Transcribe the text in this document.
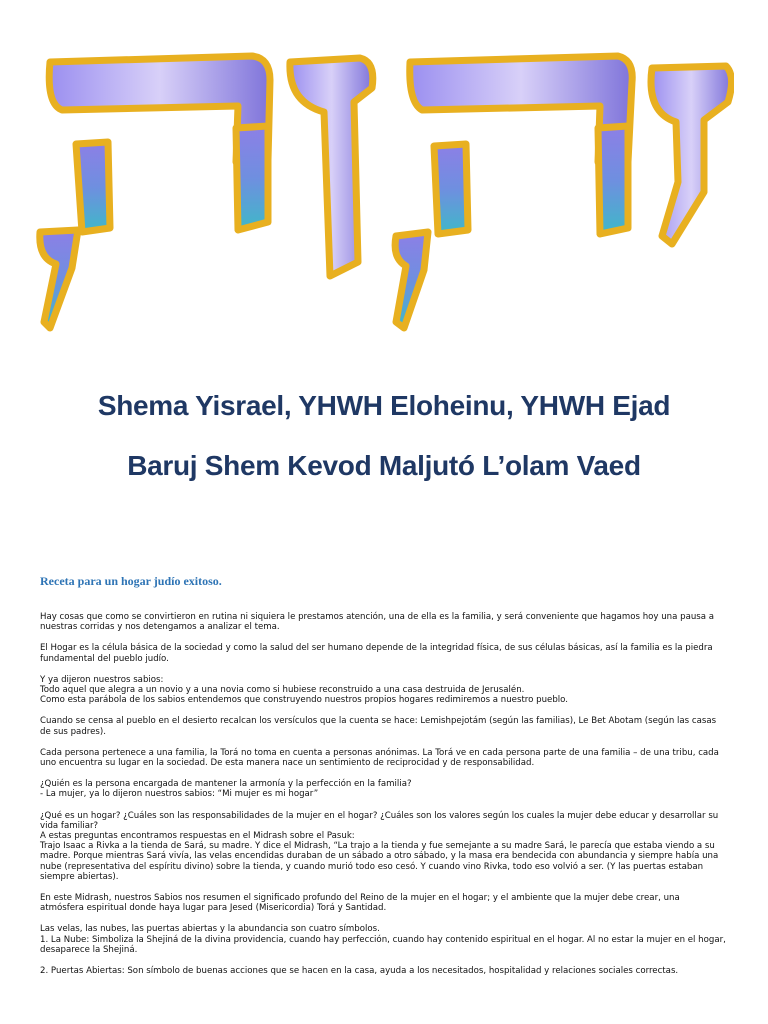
Shema Yisrael, YHWH Eloheinu, YHWH Ejad
Baruj Shem Kevod Maljutó L’olam Vaed
Receta para un hogar judío exitoso.

Hay cosas que como se convirtieron en rutina ni siquiera le prestamos atención, una de ella es la familia, y será conveniente que hagamos hoy una pausa a nuestras corridas y nos detengamos a analizar el tema.

El Hogar es la célula básica de la sociedad y como la salud del ser humano depende de la integridad física, de sus células básicas, así la familia es la piedra fundamental del pueblo judío.

Y ya dijeron nuestros sabios:
Todo aquel que alegra a un novio y a una novia como si hubiese reconstruido a una casa destruida de Jerusalén.
Como esta parábola de los sabios entendemos que construyendo nuestros propios hogares redimiremos a nuestro pueblo.

Cuando se censa al pueblo en el desierto recalcan los versículos que la cuenta se hace: Lemishpejotám (según las familias), Le Bet Abotam (según las casas de sus padres).

Cada persona pertenece a una familia, la Torá no toma en cuenta a personas anónimas. La Torá ve en cada persona parte de una familia – de una tribu, cada uno encuentra su lugar en la sociedad. De esta manera nace un sentimiento de reciprocidad y de responsabilidad.

¿Quién es la persona encargada de mantener la armonía y la perfección en la familia?
- La mujer, ya lo dijeron nuestros sabios: “Mi mujer es mi hogar”

¿Qué es un hogar? ¿Cuáles son las responsabilidades de la mujer en el hogar? ¿Cuáles son los valores según los cuales la mujer debe educar y desarrollar su vida familiar?
A estas preguntas encontramos respuestas en el Midrash sobre el Pasuk:
Trajo Isaac a Rivka a la tienda de Sará, su madre. Y dice el Midrash, “La trajo a la tienda y fue semejante a su madre Sará, le parecía que estaba viendo a su madre. Porque mientras Sará vivía, las velas encendidas duraban de un sábado a otro sábado, y la masa era bendecida con abundancia y siempre había una nube (representativa del espíritu divino) sobre la tienda, y cuando murió todo eso cesó. Y cuando vino Rivka, todo eso volvió a ser. (Y las puertas estaban siempre abiertas).

En este Midrash, nuestros Sabios nos resumen el significado profundo del Reino de la mujer en el hogar; y el ambiente que la mujer debe crear, una atmósfera espiritual donde haya lugar para Jesed (Misericordia) Torá y Santidad.

Las velas, las nubes, las puertas abiertas y la abundancia son cuatro símbolos.
1. La Nube: Simboliza la Shejiná de la divina providencia, cuando hay perfección, cuando hay contenido espiritual en el hogar. Al no estar la mujer en el hogar, desaparece la Shejiná.

2. Puertas Abiertas: Son símbolo de buenas acciones que se hacen en la casa, ayuda a los necesitados, hospitalidad y relaciones sociales correctas.
